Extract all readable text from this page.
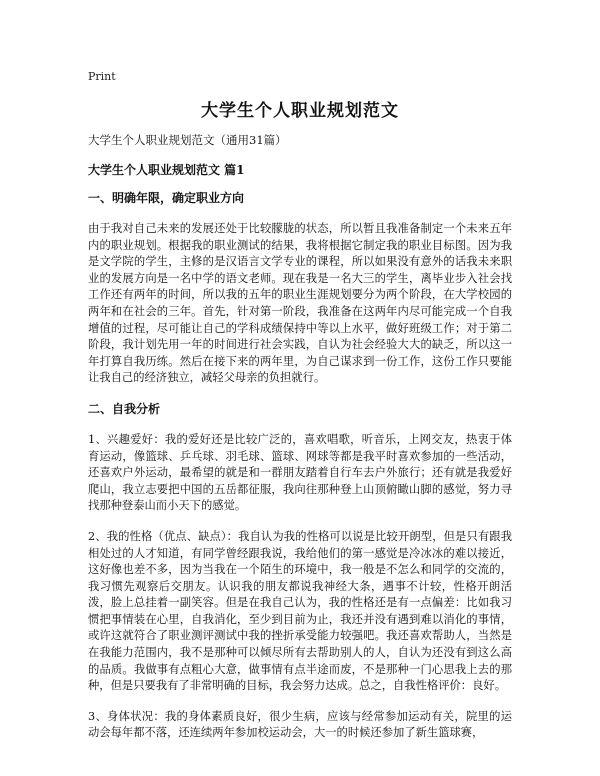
Print
大学生个人职业规划范文
大学生个人职业规划范文（通用31篇）
大学生个人职业规划范文 篇1
一、明确年限，确定职业方向

由于我对自己未来的发展还处于比较朦胧的状态，所以暂且我准备制定一个未来五年内的职业规划。根据我的职业测试的结果，我将根据它制定我的职业目标图。因为我是文学院的学生，主修的是汉语言文学专业的课程，所以如果没有意外的话我未来职业的发展方向是一名中学的语文老师。现在我是一名大三的学生，离毕业步入社会找工作还有两年的时间，所以我的五年的职业生涯规划要分为两个阶段，在大学校园的两年和在社会的三年。首先，针对第一阶段，我准备在这两年内尽可能完成一个自我增值的过程，尽可能让自己的学科成绩保持中等以上水平，做好班级工作；对于第二阶段，我计划先用一年的时间进行社会实践，自认为社会经验大大的缺乏，所以这一年打算自我历练。然后在接下来的两年里，为自己谋求到一份工作，这份工作只要能让我自己的经济独立，减轻父母亲的负担就行。

二、自我分析

1、兴趣爱好：我的爱好还是比较广泛的，喜欢唱歌，听音乐，上网交友，热衷于体育运动，像篮球、乒乓球、羽毛球、篮球、网球等都是我平时喜欢参加的一些活动，还喜欢户外运动，最希望的就是和一群朋友踏着自行车去户外旅行；还有就是我爱好爬山，我立志要把中国的五岳都征服，我向往那种登上山顶俯瞰山脚的感觉，努力寻找那种登泰山而小天下的感觉。

2、我的性格（优点、缺点）：我自认为我的性格可以说是比较开朗型，但是只有跟我相处过的人才知道，有同学曾经跟我说，我给他们的第一感觉是冷冰冰的难以接近，这好像也差不多，因为当我在一个陌生的环境中，我一般是不怎么和同学的交流的，我习惯先观察后交朋友。认识我的朋友都说我神经大条，遇事不计较，性格开朗活泼，脸上总挂着一副笑容。但是在我自己认为，我的性格还是有一点偏差：比如我习惯把事情装在心里，自我消化，至少到目前为止，我还并没有遇到难以消化的事情，或许这就符合了职业测评测试中我的挫折承受能力较强吧。我还喜欢帮助人，当然是在我能力范围内，我不是那种可以倾尽所有去帮助别人的人，自认为还没有到这么高的品质。我做事有点粗心大意，做事情有点半途而废，不是那种一门心思我上去的那种，但是只要我有了非常明确的目标，我会努力达成。总之，自我性格评价：良好。

3、身体状况：我的身体素质良好，很少生病，应该与经常参加运动有关，院里的运动会每年都不落，还连续两年参加校运动会，大一的时候还参加了新生篮球赛，
